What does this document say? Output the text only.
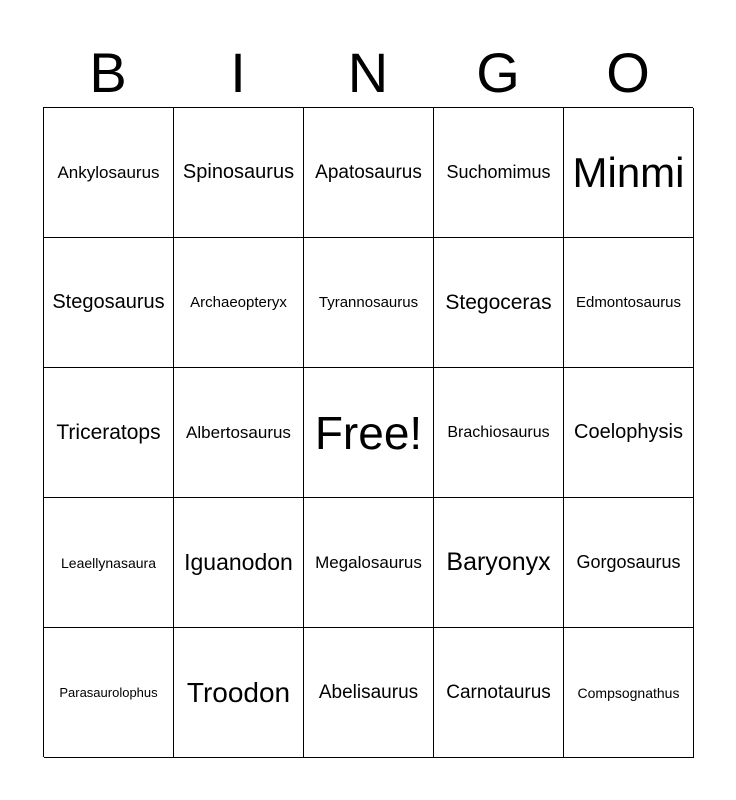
B	I	N	G	O
Ankylosaurus Spinosaurus Apatosaurus Suchomimus Minmi
Stegosaurus Archaeopteryx Tyrannosaurus Stegoceras Edmontosaurus
Triceratops Albertosaurus Free! Brachiosaurus Coelophysis
Leaellynasaura Iguanodon Megalosaurus Baryonyx Gorgosaurus
Parasaurolophus Troodon Abelisaurus Carnotaurus Compsognathus
